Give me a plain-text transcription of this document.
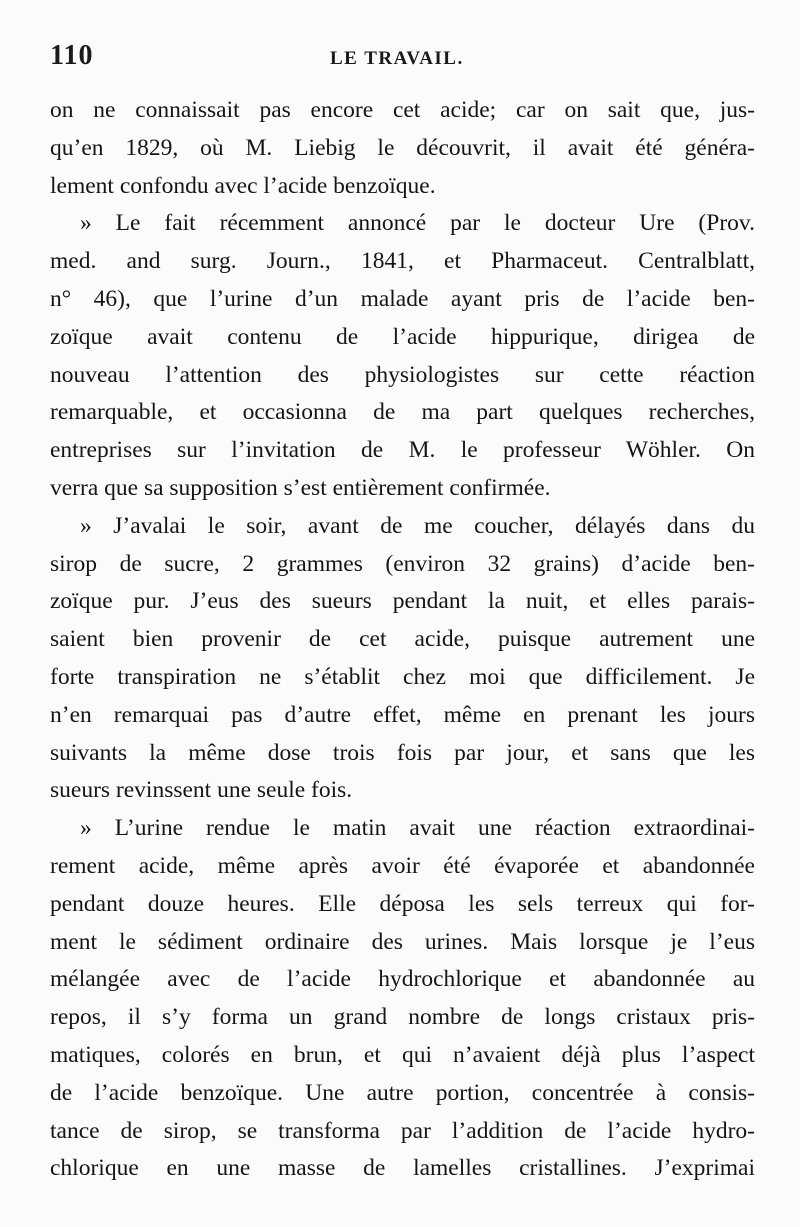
110	LE TRAVAIL.
on ne connaissait pas encore cet acide; car on sait que, jus-
qu’en 1829, où M. Liebig le découvrit, il avait été généra-
lement confondu avec l’acide benzoïque.
» Le fait récemment annoncé par le docteur Ure (Prov.
med. and surg. Journ., 1841, et Pharmaceut. Centralblatt,
n° 46), que l’urine d’un malade ayant pris de l’acide ben-
zoïque avait contenu de l’acide hippurique, dirigea de
nouveau l’attention des physiologistes sur cette réaction
remarquable, et occasionna de ma part quelques recherches,
entreprises sur l’invitation de M. le professeur Wöhler. On
verra que sa supposition s’est entièrement confirmée.
» J’avalai le soir, avant de me coucher, délayés dans du
sirop de sucre, 2 grammes (environ 32 grains) d’acide ben-
zoïque pur. J’eus des sueurs pendant la nuit, et elles parais-
saient bien provenir de cet acide, puisque autrement une
forte transpiration ne s’établit chez moi que difficilement. Je
n’en remarquai pas d’autre effet, même en prenant les jours
suivants la même dose trois fois par jour, et sans que les
sueurs revinssent une seule fois.
» L’urine rendue le matin avait une réaction extraordinai-
rement acide, même après avoir été évaporée et abandonnée
pendant douze heures. Elle déposa les sels terreux qui for-
ment le sédiment ordinaire des urines. Mais lorsque je l’eus
mélangée avec de l’acide hydrochlorique et abandonnée au
repos, il s’y forma un grand nombre de longs cristaux pris-
matiques, colorés en brun, et qui n’avaient déjà plus l’aspect
de l’acide benzoïque. Une autre portion, concentrée à consis-
tance de sirop, se transforma par l’addition de l’acide hydro-
chlorique en une masse de lamelles cristallines. J’exprimai
